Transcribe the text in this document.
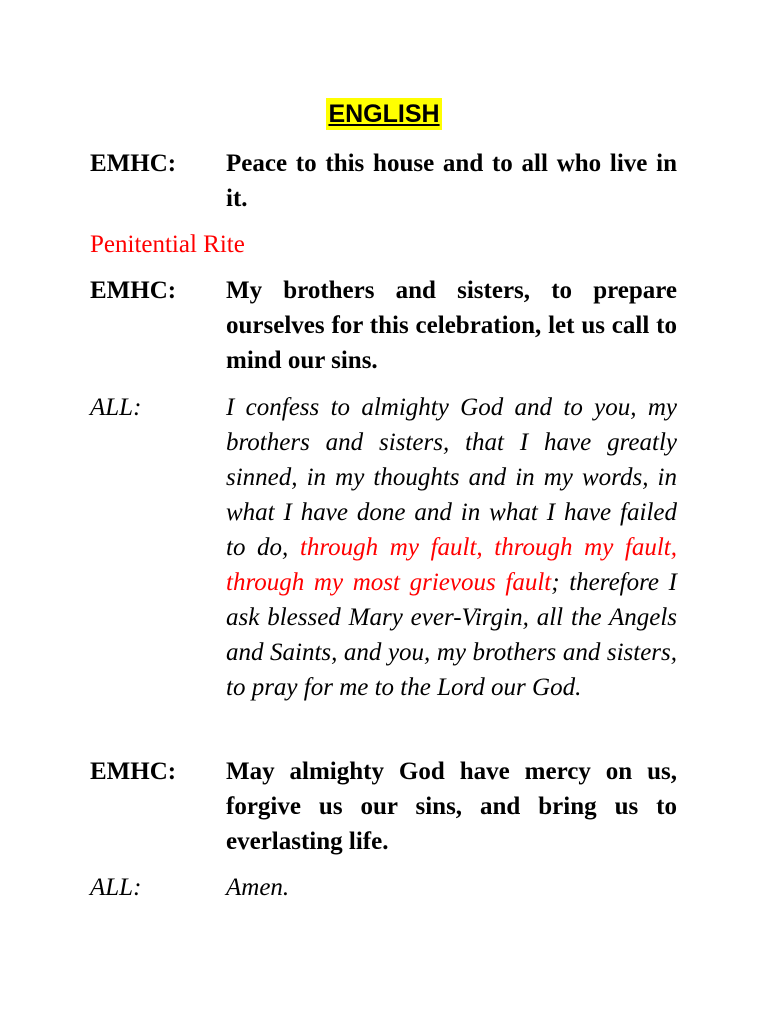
ENGLISH
EMHC:	Peace to this house and to all who live in it.
Penitential Rite
EMHC:	My brothers and sisters, to prepare ourselves for this celebration, let us call to mind our sins.
ALL:	I confess to almighty God and to you, my brothers and sisters, that I have greatly sinned, in my thoughts and in my words, in what I have done and in what I have failed to do, through my fault, through my fault, through my most grievous fault; therefore I ask blessed Mary ever-Virgin, all the Angels and Saints, and you, my brothers and sisters, to pray for me to the Lord our God.
EMHC:	May almighty God have mercy on us, forgive us our sins, and bring us to everlasting life.
ALL:	Amen.
